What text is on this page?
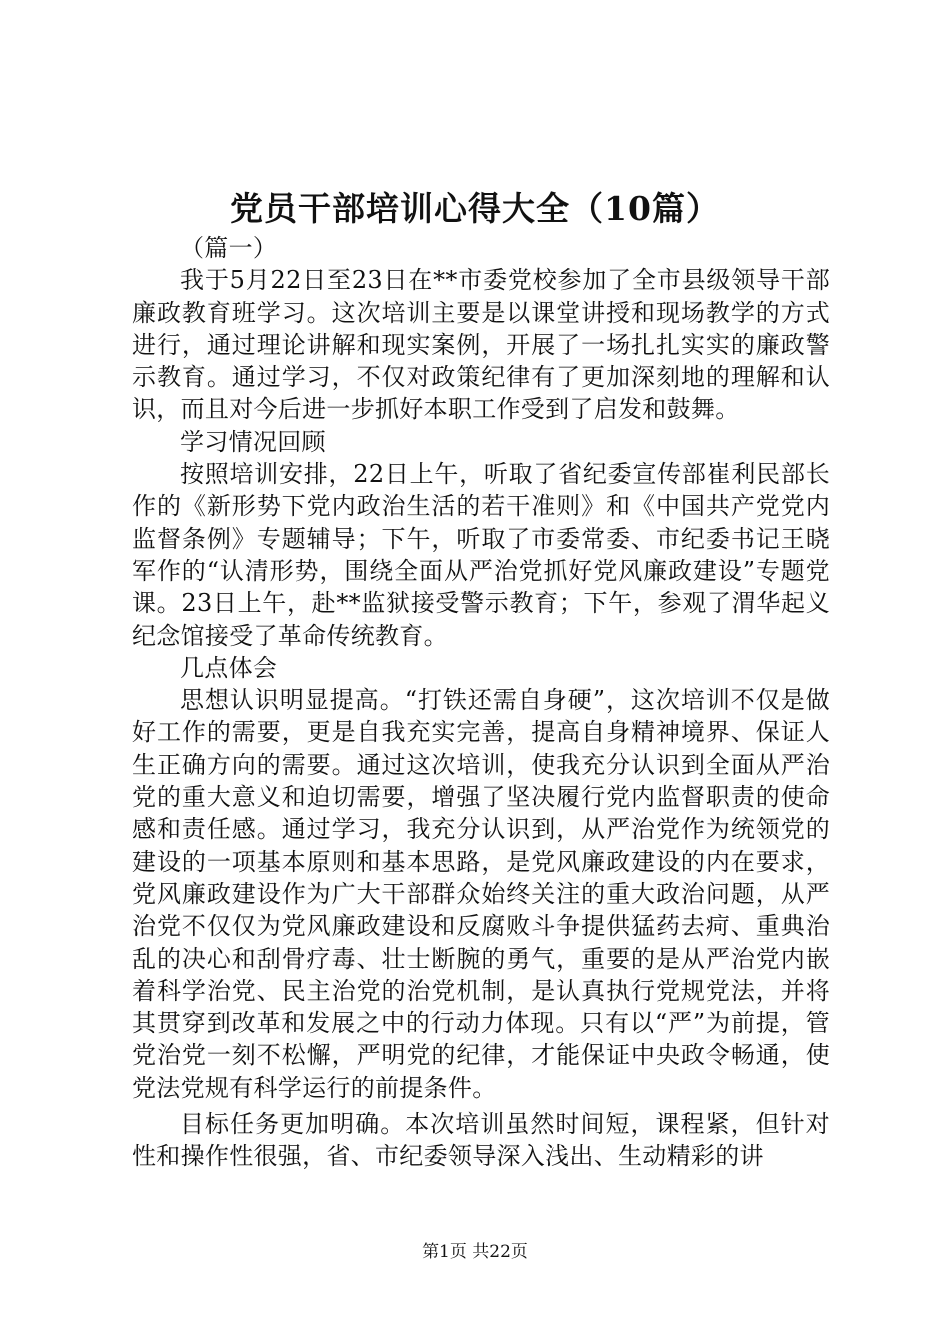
党员干部培训心得大全（10篇）

（篇一）

我于5月22日至23日在**市委党校参加了全市县级领导干部廉政教育班学习。这次培训主要是以课堂讲授和现场教学的方式进行，通过理论讲解和现实案例，开展了一场扎扎实实的廉政警示教育。通过学习，不仅对政策纪律有了更加深刻地的理解和认识，而且对今后进一步抓好本职工作受到了启发和鼓舞。

学习情况回顾

按照培训安排，22日上午，听取了省纪委宣传部崔利民部长作的《新形势下党内政治生活的若干准则》和《中国共产党党内监督条例》专题辅导；下午，听取了市委常委、市纪委书记王晓军作的“认清形势，围绕全面从严治党抓好党风廉政建设”专题党课。23日上午，赴**监狱接受警示教育；下午，参观了渭华起义纪念馆接受了革命传统教育。

几点体会

思想认识明显提高。“打铁还需自身硬”，这次培训不仅是做好工作的需要，更是自我充实完善，提高自身精神境界、保证人生正确方向的需要。通过这次培训，使我充分认识到全面从严治党的重大意义和迫切需要，增强了坚决履行党内监督职责的使命感和责任感。通过学习，我充分认识到，从严治党作为统领党的建设的一项基本原则和基本思路，是党风廉政建设的内在要求，党风廉政建设作为广大干部群众始终关注的重大政治问题，从严治党不仅仅为党风廉政建设和反腐败斗争提供猛药去疴、重典治乱的决心和刮骨疗毒、壮士断腕的勇气，重要的是从严治党内嵌着科学治党、民主治党的治党机制，是认真执行党规党法，并将其贯穿到改革和发展之中的行动力体现。只有以“严”为前提，管党治党一刻不松懈，严明党的纪律，才能保证中央政令畅通，使党法党规有科学运行的前提条件。

目标任务更加明确。本次培训虽然时间短，课程紧，但针对性和操作性很强，省、市纪委领导深入浅出、生动精彩的讲

第1页 共22页
